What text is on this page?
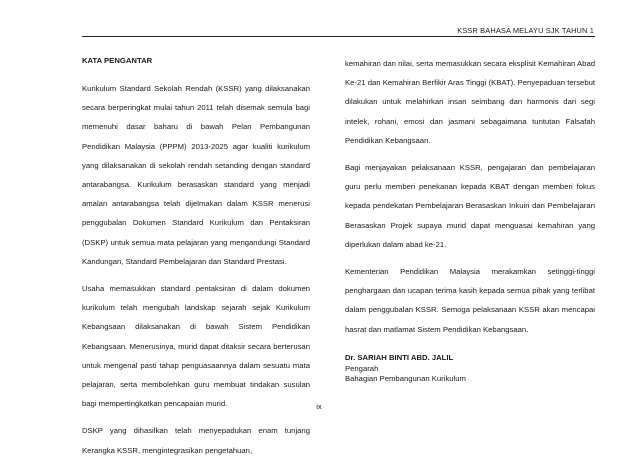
KSSR BAHASA MELAYU SJK TAHUN 1
KATA PENGANTAR

Kurikulum Standard Sekolah Rendah (KSSR) yang dilaksanakan secara berperingkat mulai tahun 2011 telah disemak semula bagi memenuhi dasar baharu di bawah Pelan Pembangunan Pendidikan Malaysia (PPPM) 2013-2025 agar kualiti kurikulum yang dilaksanakan di sekolah rendah setanding dengan standard antarabangsa. Kurikulum berasaskan standard yang menjadi amalan antarabangsa telah dijelmakan dalam KSSR menerusi penggubalan Dokumen Standard Kurikulum dan Pentaksiran (DSKP) untuk semua mata pelajaran yang mengandungi Standard Kandungan, Standard Pembelajaran dan Standard Prestasi.

Usaha memasukkan standard pentaksiran di dalam dokumen kurikulum telah mengubah landskap sejarah sejak Kurikulum Kebangsaan dilaksanakan di bawah Sistem Pendidikan Kebangsaan. Menerusinya, murid dapat ditaksir secara berterusan untuk mengenal pasti tahap penguasaannya dalam sesuatu mata pelajaran, serta membolehkan guru membuat tindakan susulan bagi mempertingkatkan pencapaian murid.

DSKP yang dihasilkan telah menyepadukan enam tunjang Kerangka KSSR, mengintegrasikan pengetahuan,

kemahiran dan nilai, serta memasukkan secara eksplisit Kemahiran Abad Ke-21 dan Kemahiran Berfikir Aras Tinggi (KBAT). Penyepaduan tersebut dilakukan untuk melahirkan insan seimbang dan harmonis dari segi intelek, rohani, emosi dan jasmani sebagaimana tuntutan Falsafah Pendidikan Kebangsaan.

Bagi menjayakan pelaksanaan KSSR, pengajaran dan pembelajaran guru perlu memberi penekanan kepada KBAT dengan memberi fokus kepada pendekatan Pembelajaran Berasaskan Inkuiri dan Pembelajaran Berasaskan Projek supaya murid dapat menguasai kemahiran yang diperlukan dalam abad ke-21.

Kementerian Pendidikan Malaysia merakamkan setinggi-tinggi penghargaan dan ucapan terima kasih kepada semua pihak yang terlibat dalam penggubalan KSSR. Semoga pelaksanaan KSSR akan mencapai hasrat dan matlamat Sistem Pendidikan Kebangsaan.

Dr. SARIAH BINTI ABD. JALIL
Pengarah
Bahagian Pembangunan Kurikulum
ix
